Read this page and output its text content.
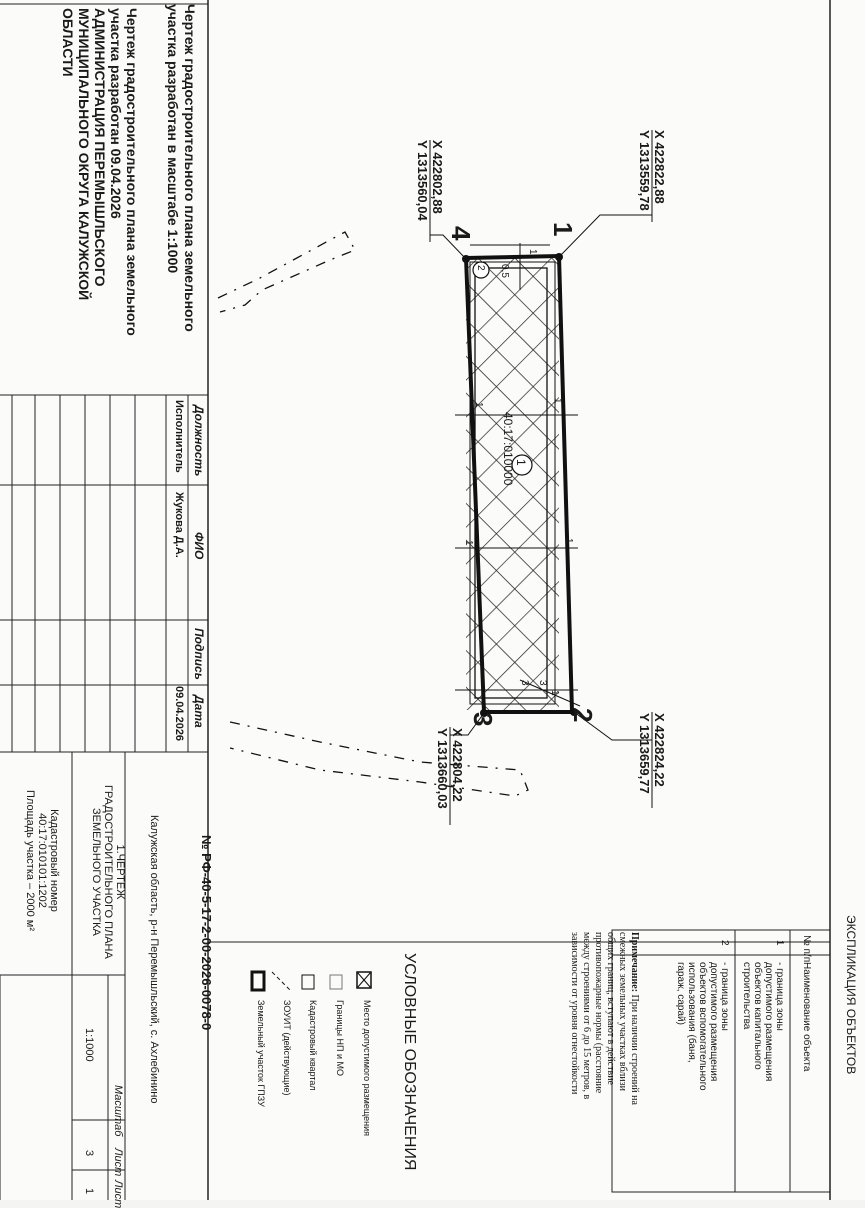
Чертеж градостроительного плана земельного
участка разработан в масштабе 1:1000
Чертеж градостроительного плана земельного
участка разработан 09.04.2026
АДМИНИСТРАЦИЯ ПЕРЕМЫШЛЬСКОГО
МУНИЦИПАЛЬНОГО ОКРУГА КАЛУЖСКОЙ
ОБЛАСТИ
Должность
ФИО
Подпись
Дата
Исполнитель
Жукова Д.А.
09.04.2026
№ РФ-40-5-17-2-00-2026-0078-0
Калужская область, р-н Перемышльский, с. Ахлебинино
1.ЧЕРТЕЖ
ГРАДОСТРОИТЕЛЬНОГО ПЛАНА
ЗЕМЕЛЬНОГО УЧАСТКА
Кадастровый номер
40:17:010101:1202
Площадь участка – 2000 м²
Масштаб
1:1000
Лист
3
Лист
1
1
2
3
4
X 422822,88
Y 1313559,78
X 422802,88
Y 1313560,04
X 422824,22
Y 1313659,77
X 422804,22
Y 1313660,03
40:17:010000 1
2
1
1
1
1
1
1
0,5
3 3
ЭКСПЛИКАЦИЯ ОБЪЕКТОВ
№ п/п
Наименование объекта
1
- граница зоны
допустимого размещения
объектов капитального
строительства
2
- граница зоны
допустимого размещения
объектов вспомогательного
использования (баня,
гараж, сарай)
Примечание: При наличии строений на
смежных земельных участках вблизи
общих границ, вступают в действие
противопожарные нормы (расстояние
между строениями от 6 до 15 метров, в
зависимости от уровня огнестойкости
УСЛОВНЫЕ ОБОЗНАЧЕНИЯ
Место допустимого размещения
Границы НП и МО
Кадастровый квартал
ЗОУИТ (действующие)
Земельный участок ГПЗУ
